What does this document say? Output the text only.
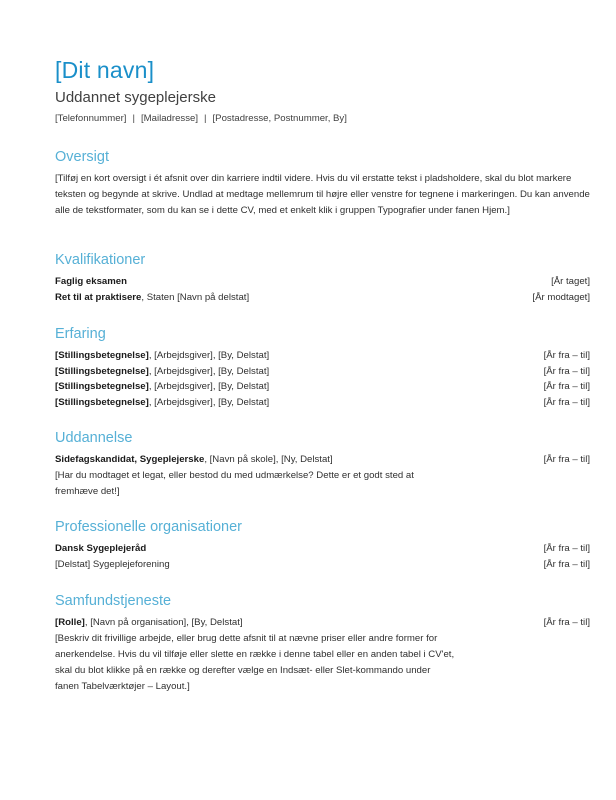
[Dit navn]
Uddannet sygeplejerske
[Telefonnummer] | [Mailadresse] | [Postadresse, Postnummer, By]
Oversigt

[Tilføj en kort oversigt i ét afsnit over din karriere indtil videre. Hvis du vil erstatte tekst i pladsholdere, skal du blot markere teksten og begynde at skrive. Undlad at medtage mellemrum til højre eller venstre for tegnene i markeringen. Du kan anvende alle de tekstformater, som du kan se i dette CV, med et enkelt klik i gruppen Typografier under fanen Hjem.]

Kvalifikationer
Faglig eksamen	[År taget]
Ret til at praktisere, Staten [Navn på delstat]	[År modtaget]
Erfaring
[Stillingsbetegnelse], [Arbejdsgiver], [By, Delstat]	[År fra – til]
[Stillingsbetegnelse], [Arbejdsgiver], [By, Delstat]	[År fra – til]
[Stillingsbetegnelse], [Arbejdsgiver], [By, Delstat]	[År fra – til]
[Stillingsbetegnelse], [Arbejdsgiver], [By, Delstat]	[År fra – til]
Uddannelse
Sidefagskandidat, Sygeplejerske, [Navn på skole], [Ny, Delstat]	[År fra – til]

[Har du modtaget et legat, eller bestod du med udmærkelse? Dette er et godt sted at fremhæve det!]

Professionelle organisationer
Dansk Sygeplejeråd	[År fra – til]
[Delstat] Sygeplejeforening	[År fra – til]
Samfundstjeneste
[Rolle], [Navn på organisation], [By, Delstat]	[År fra – til]

[Beskriv dit frivillige arbejde, eller brug dette afsnit til at nævne priser eller andre former for anerkendelse. Hvis du vil tilføje eller slette en række i denne tabel eller en anden tabel i CV'et, skal du blot klikke på en række og derefter vælge en Indsæt- eller Slet-kommando under fanen Tabelværktøjer – Layout.]
